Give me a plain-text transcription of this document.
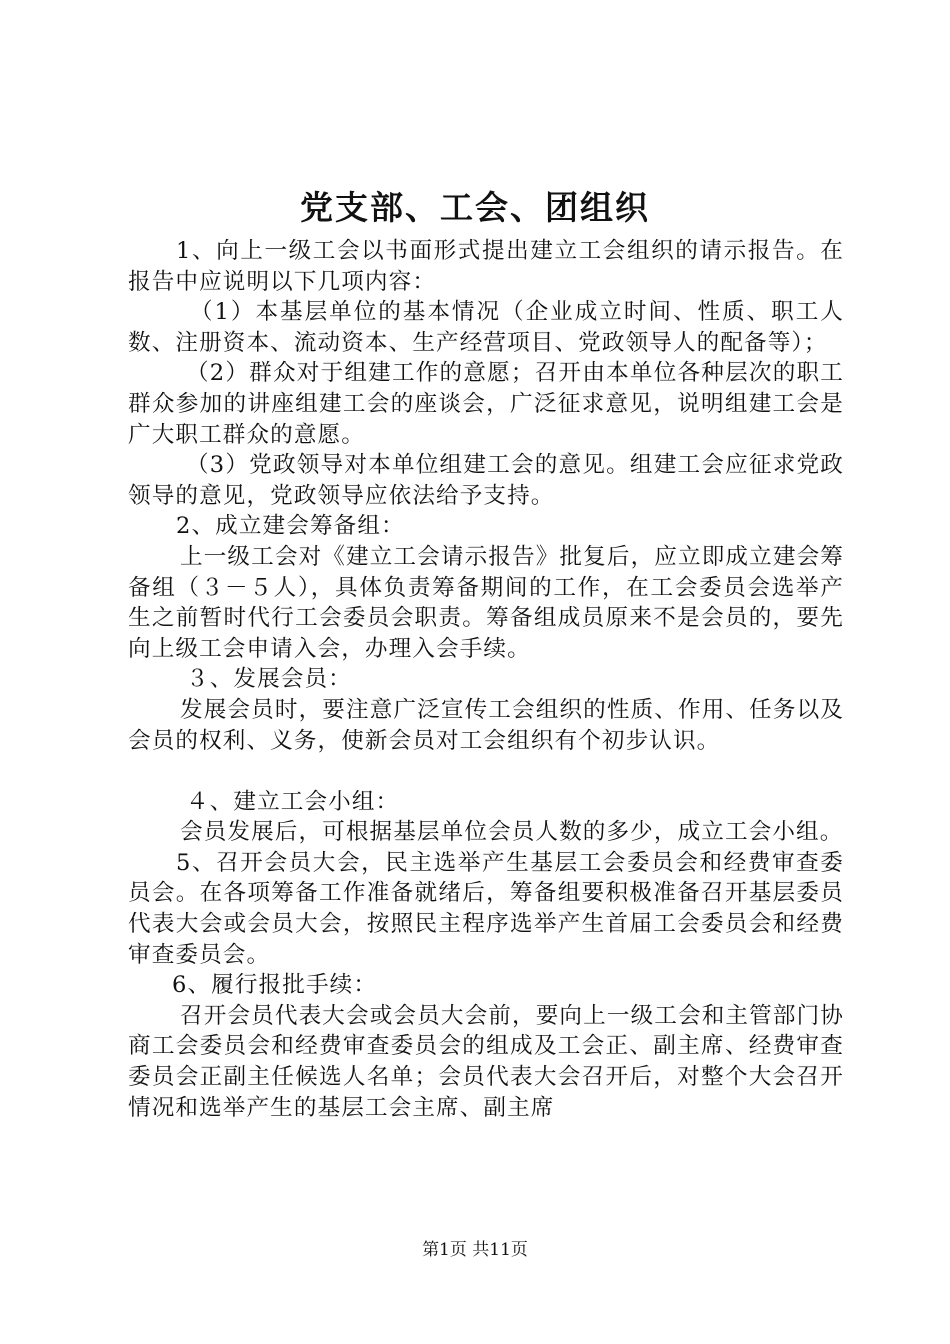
党支部、工会、团组织

1、向上一级工会以书面形式提出建立工会组织的请示报告。在报告中应说明以下几项内容：

（1）本基层单位的基本情况（企业成立时间、性质、职工人数、注册资本、流动资本、生产经营项目、党政领导人的配备等）；

（2）群众对于组建工作的意愿；召开由本单位各种层次的职工群众参加的讲座组建工会的座谈会，广泛征求意见，说明组建工会是广大职工群众的意愿。

（3）党政领导对本单位组建工会的意见。组建工会应征求党政领导的意见，党政领导应依法给予支持。

2、成立建会筹备组：

上一级工会对《建立工会请示报告》批复后，应立即成立建会筹备组（３－５人），具体负责筹备期间的工作，在工会委员会选举产生之前暂时代行工会委员会职责。筹备组成员原来不是会员的，要先向上级工会申请入会，办理入会手续。

３、发展会员：

发展会员时，要注意广泛宣传工会组织的性质、作用、任务以及会员的权利、义务，使新会员对工会组织有个初步认识。

４、建立工会小组：

会员发展后，可根据基层单位会员人数的多少，成立工会小组。

5、召开会员大会，民主选举产生基层工会委员会和经费审查委员会。在各项筹备工作准备就绪后，筹备组要积极准备召开基层委员代表大会或会员大会，按照民主程序选举产生首届工会委员会和经费审查委员会。

6、履行报批手续：

召开会员代表大会或会员大会前，要向上一级工会和主管部门协商工会委员会和经费审查委员会的组成及工会正、副主席、经费审查委员会正副主任候选人名单；会员代表大会召开后，对整个大会召开情况和选举产生的基层工会主席、副主席

第1页 共11页
